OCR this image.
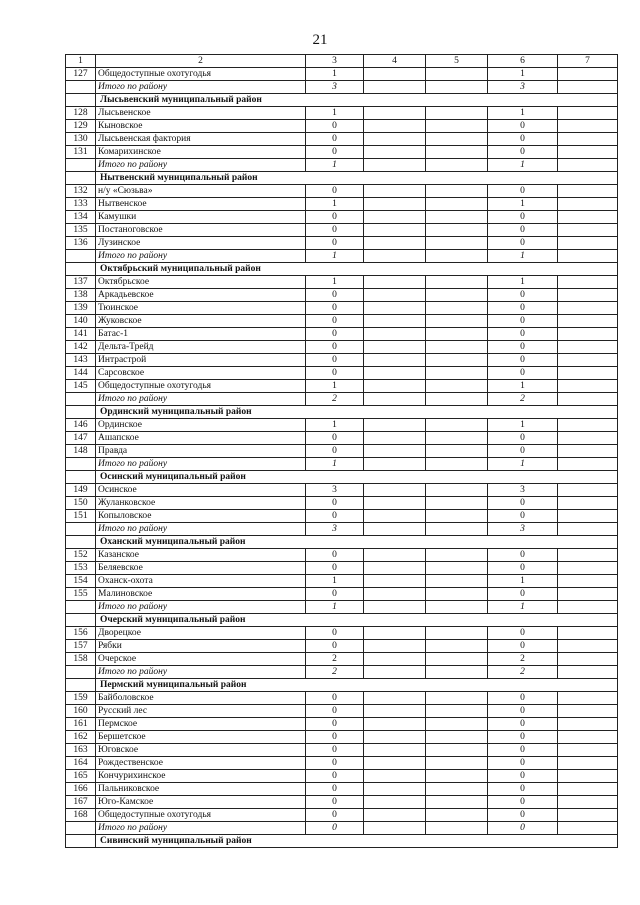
21
1	2	3	4	5	6	7
127	Общедоступные охотугодья	1			1	
	Итого по району	3			3	
	Лысьвенский муниципальный район					
128	Лысьвенское	1			1	
129	Кыновское	0			0	
130	Лысьвенская фактория	0			0	
131	Комарихинское	0			0	
	Итого по району	1			1	
	Нытвенский муниципальный район					
132	н/у «Сюзьва»	0			0	
133	Нытвенское	1			1	
134	Камушки	0			0	
135	Постаноговское	0			0	
136	Лузинское	0			0	
	Итого по району	1			1	
	Октябрьский муниципальный район					
137	Октябрьское	1			1	
138	Аркадьевское	0			0	
139	Тюинское	0			0	
140	Жуковское	0			0	
141	Батас-1	0			0	
142	Дельта-Трейд	0			0	
143	Интрастрой	0			0	
144	Сарсовское	0			0	
145	Общедоступные охотугодья	1			1	
	Итого по району	2			2	
	Ординский муниципальный район					
146	Ординское	1			1	
147	Ашапское	0			0	
148	Правда	0			0	
	Итого по району	1			1	
	Осинский муниципальный район					
149	Осинское	3			3	
150	Жуланковское	0			0	
151	Копыловское	0			0	
	Итого по району	3			3	
	Оханский муниципальный район					
152	Казанское	0			0	
153	Беляевское	0			0	
154	Оханск-охота	1			1	
155	Малиновское	0			0	
	Итого по району	1			1	
	Очерский муниципальный район					
156	Дворецкое	0			0	
157	Рябки	0			0	
158	Очерское	2			2	
	Итого по району	2			2	
	Пермский муниципальный район					
159	Байболовское	0			0	
160	Русский лес	0			0	
161	Пермское	0			0	
162	Бершетское	0			0	
163	Юговское	0			0	
164	Рождественское	0			0	
165	Кончурихинское	0			0	
166	Пальниковское	0			0	
167	Юго-Камское	0			0	
168	Общедоступные охотугодья	0			0	
	Итого по району	0			0	
	Сивинский муниципальный район					
